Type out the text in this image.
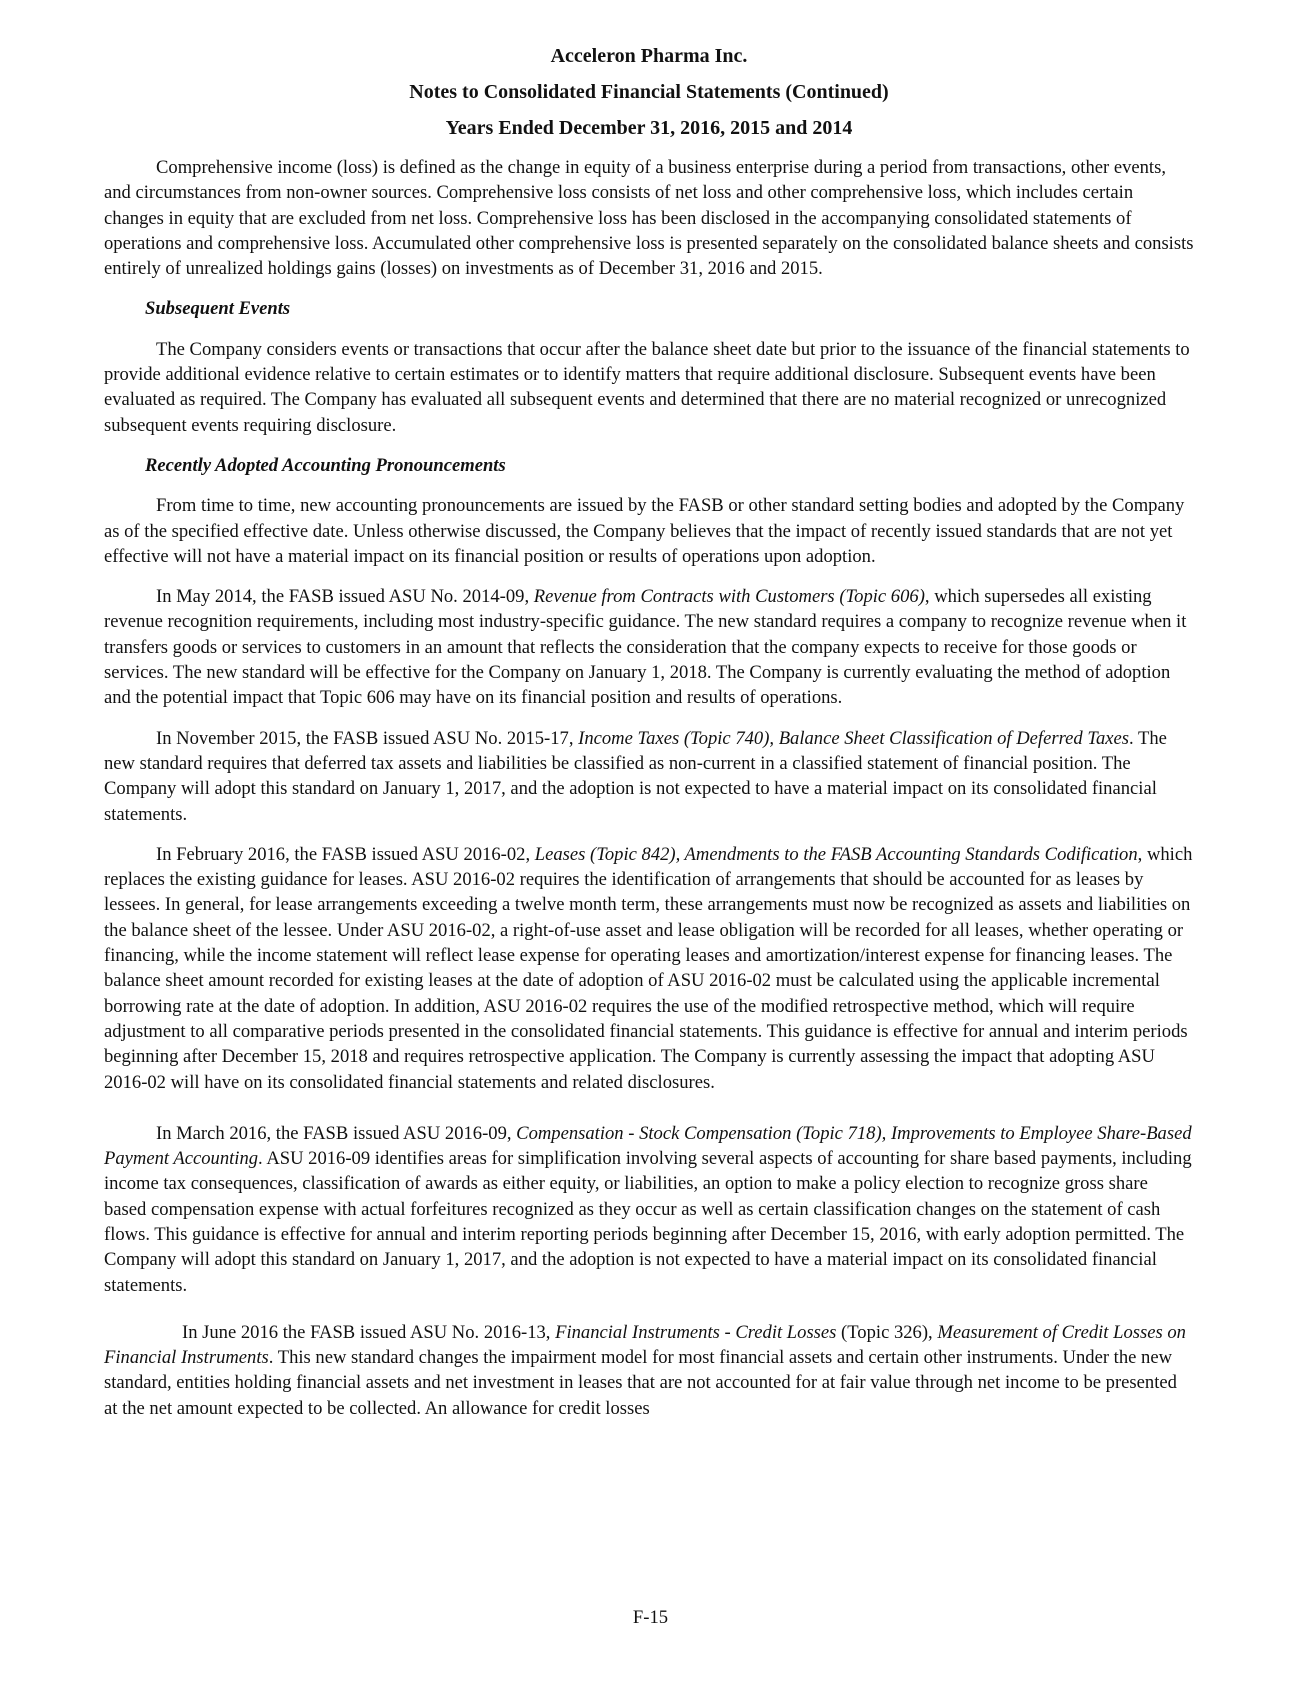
Acceleron Pharma Inc.
Notes to Consolidated Financial Statements (Continued)
Years Ended December 31, 2016, 2015 and 2014

Comprehensive income (loss) is defined as the change in equity of a business enterprise during a period from transactions, other events, and circumstances from non-owner sources. Comprehensive loss consists of net loss and other comprehensive loss, which includes certain changes in equity that are excluded from net loss. Comprehensive loss has been disclosed in the accompanying consolidated statements of operations and comprehensive loss. Accumulated other comprehensive loss is presented separately on the consolidated balance sheets and consists entirely of unrealized holdings gains (losses) on investments as of December 31, 2016 and 2015.

Subsequent Events

The Company considers events or transactions that occur after the balance sheet date but prior to the issuance of the financial statements to provide additional evidence relative to certain estimates or to identify matters that require additional disclosure. Subsequent events have been evaluated as required. The Company has evaluated all subsequent events and determined that there are no material recognized or unrecognized subsequent events requiring disclosure.

Recently Adopted Accounting Pronouncements

From time to time, new accounting pronouncements are issued by the FASB or other standard setting bodies and adopted by the Company as of the specified effective date. Unless otherwise discussed, the Company believes that the impact of recently issued standards that are not yet effective will not have a material impact on its financial position or results of operations upon adoption.

In May 2014, the FASB issued ASU No. 2014-09, Revenue from Contracts with Customers (Topic 606), which supersedes all existing revenue recognition requirements, including most industry-specific guidance. The new standard requires a company to recognize revenue when it transfers goods or services to customers in an amount that reflects the consideration that the company expects to receive for those goods or services. The new standard will be effective for the Company on January 1, 2018. The Company is currently evaluating the method of adoption and the potential impact that Topic 606 may have on its financial position and results of operations.

In November 2015, the FASB issued ASU No. 2015-17, Income Taxes (Topic 740), Balance Sheet Classification of Deferred Taxes. The new standard requires that deferred tax assets and liabilities be classified as non-current in a classified statement of financial position. The Company will adopt this standard on January 1, 2017, and the adoption is not expected to have a material impact on its consolidated financial statements.

In February 2016, the FASB issued ASU 2016-02, Leases (Topic 842), Amendments to the FASB Accounting Standards Codification, which replaces the existing guidance for leases. ASU 2016-02 requires the identification of arrangements that should be accounted for as leases by lessees. In general, for lease arrangements exceeding a twelve month term, these arrangements must now be recognized as assets and liabilities on the balance sheet of the lessee. Under ASU 2016-02, a right-of-use asset and lease obligation will be recorded for all leases, whether operating or financing, while the income statement will reflect lease expense for operating leases and amortization/interest expense for financing leases. The balance sheet amount recorded for existing leases at the date of adoption of ASU 2016-02 must be calculated using the applicable incremental borrowing rate at the date of adoption. In addition, ASU 2016-02 requires the use of the modified retrospective method, which will require adjustment to all comparative periods presented in the consolidated financial statements. This guidance is effective for annual and interim periods beginning after December 15, 2018 and requires retrospective application. The Company is currently assessing the impact that adopting ASU 2016-02 will have on its consolidated financial statements and related disclosures.

In March 2016, the FASB issued ASU 2016-09, Compensation - Stock Compensation (Topic 718), Improvements to Employee Share-Based Payment Accounting. ASU 2016-09 identifies areas for simplification involving several aspects of accounting for share based payments, including income tax consequences, classification of awards as either equity, or liabilities, an option to make a policy election to recognize gross share based compensation expense with actual forfeitures recognized as they occur as well as certain classification changes on the statement of cash flows. This guidance is effective for annual and interim reporting periods beginning after December 15, 2016, with early adoption permitted. The Company will adopt this standard on January 1, 2017, and the adoption is not expected to have a material impact on its consolidated financial statements.

In June 2016 the FASB issued ASU No. 2016-13, Financial Instruments - Credit Losses (Topic 326), Measurement of Credit Losses on Financial Instruments. This new standard changes the impairment model for most financial assets and certain other instruments. Under the new standard, entities holding financial assets and net investment in leases that are not accounted for at fair value through net income to be presented at the net amount expected to be collected. An allowance for credit losses

F-15
